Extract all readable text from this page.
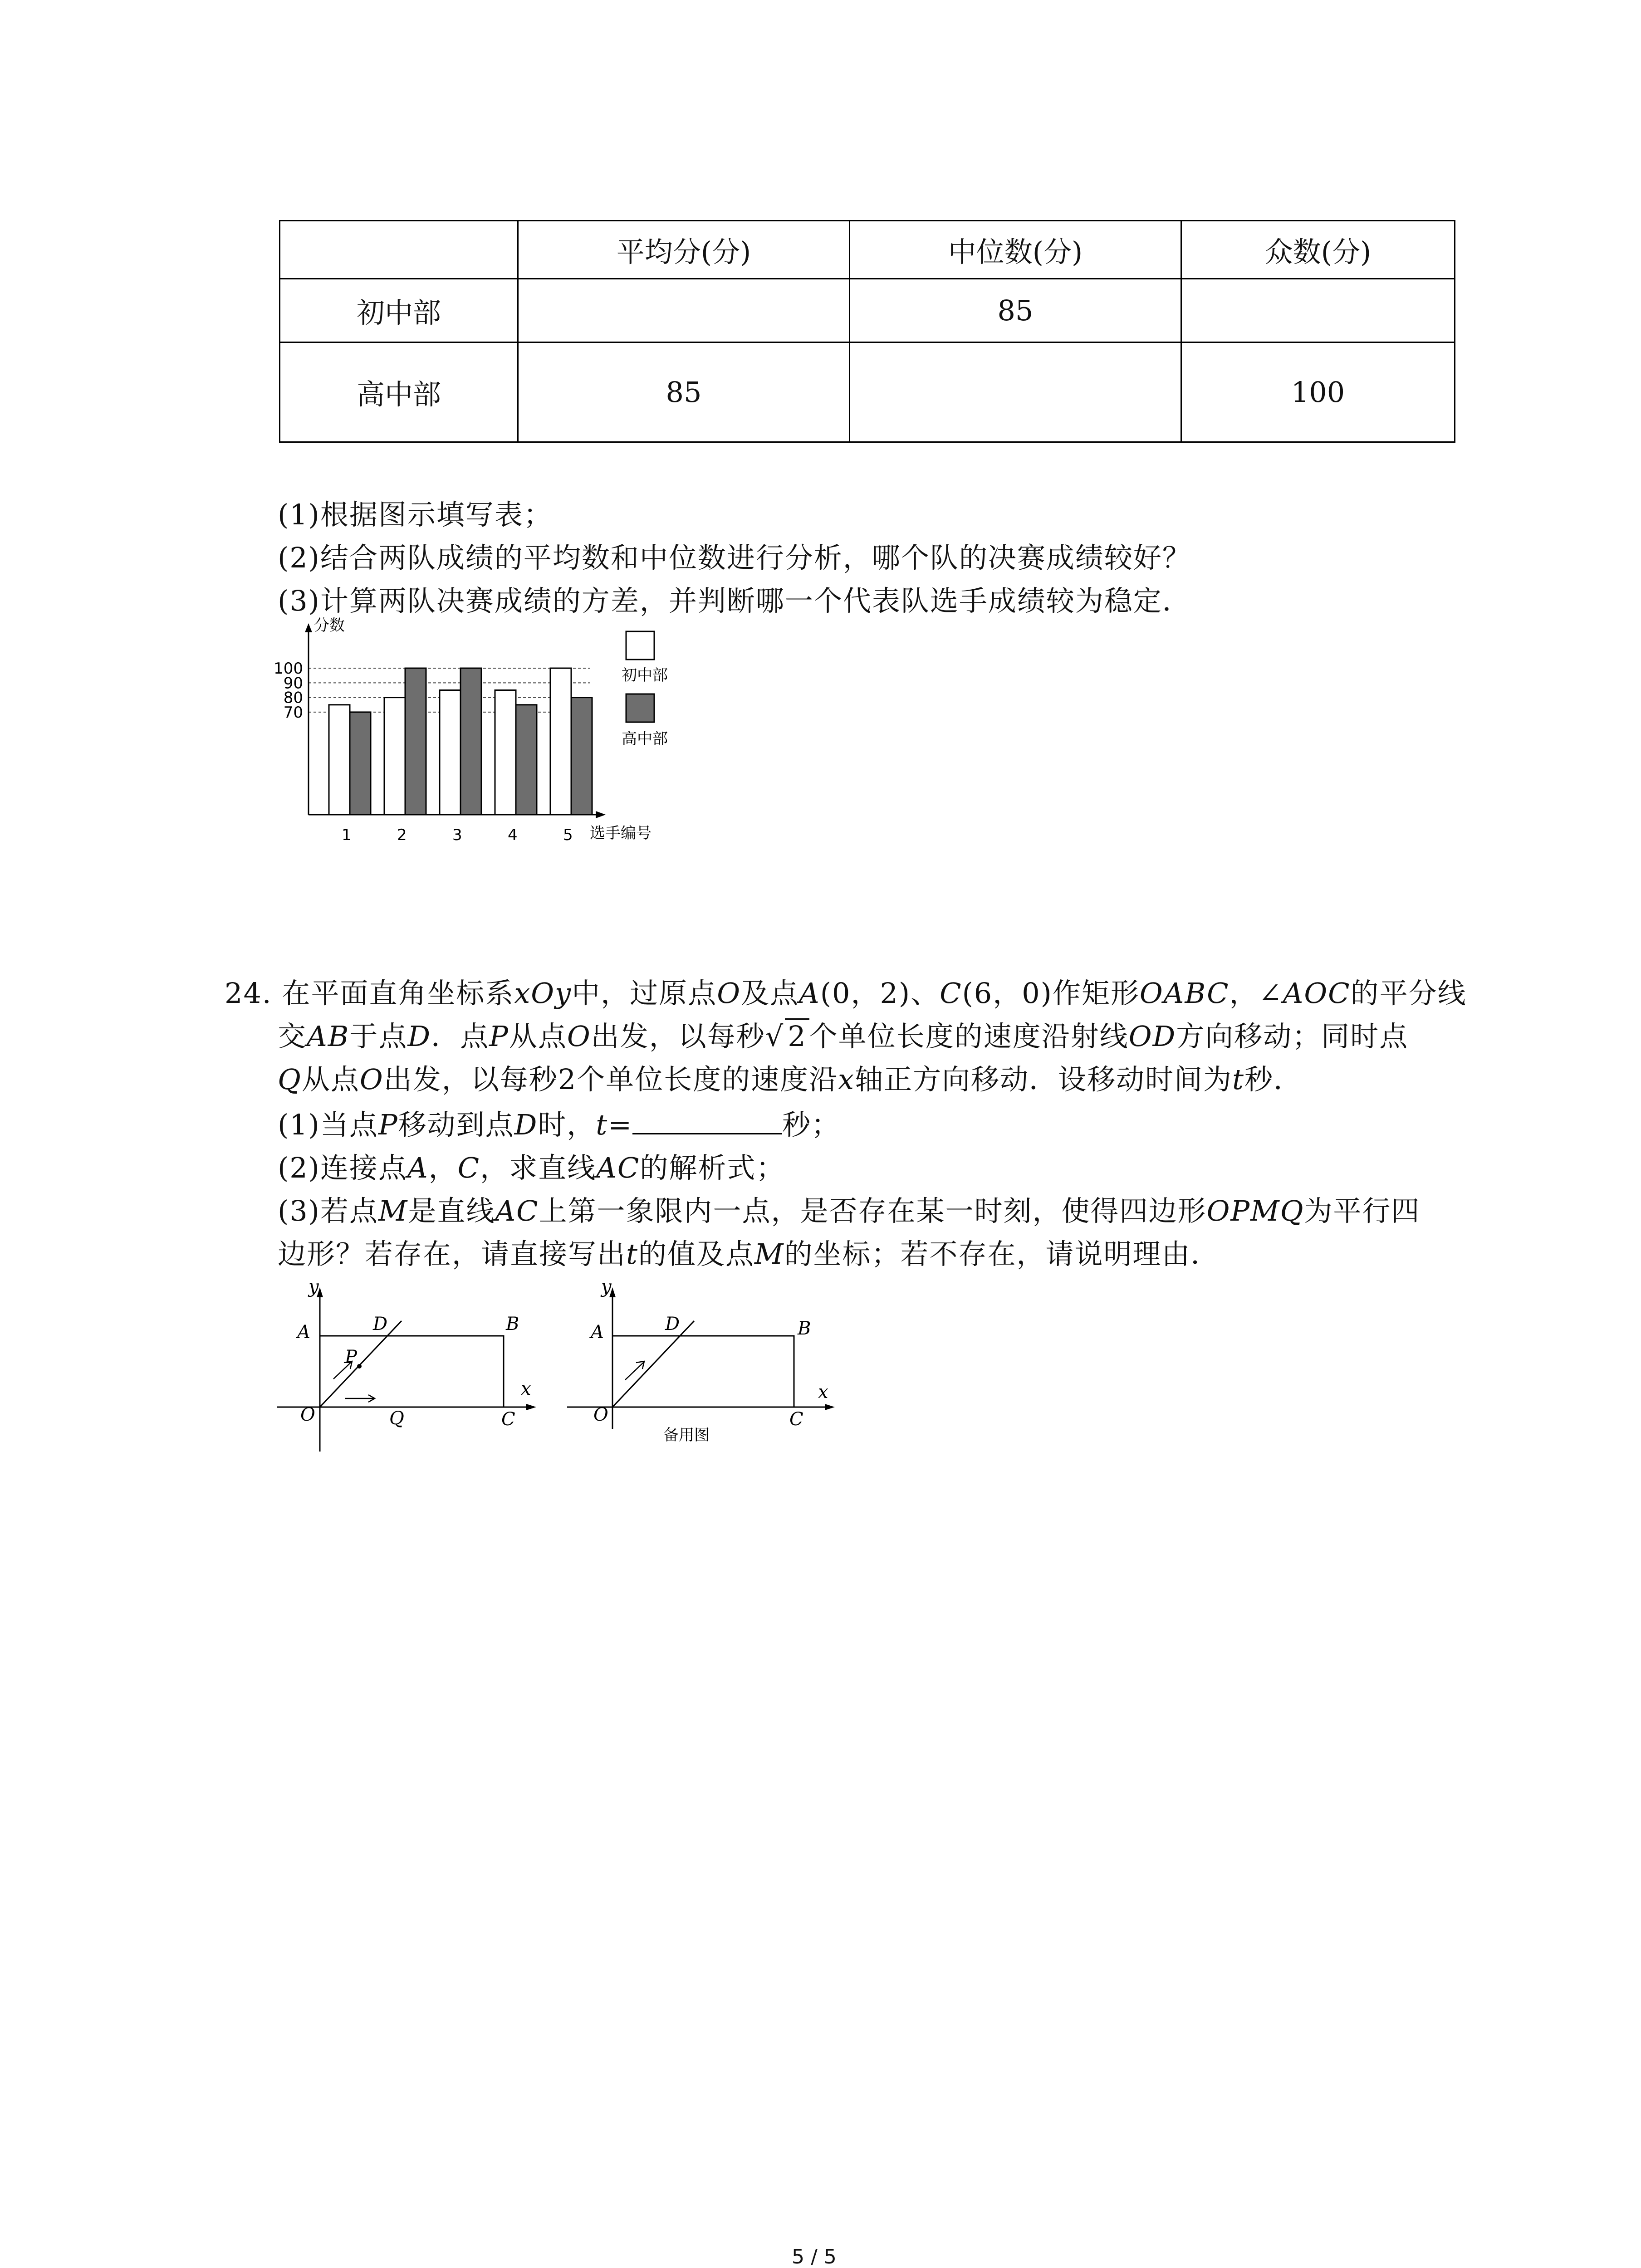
	平均分(分)	中位数(分)	众数(分)
初中部		85	
高中部	85		100
(1)根据图示填写表；
(2)结合两队成绩的平均数和中位数进行分析，哪个队的决赛成绩较好？
(3)计算两队决赛成绩的方差，并判断哪一个代表队选手成绩较为稳定．
70
80
90
100
1	2	3	4	5
分数
选手编号
初中部
高中部
24. 在平面直角坐标系xOy中，过原点O及点A(0，2)、C(6，0)作矩形OABC，∠AOC的平分线
交AB于点D．点P从点O出发，以每秒√ 2个单位长度的速度沿射线OD方向移动；同时点
Q从点O出发，以每秒2个单位长度的速度沿x轴正方向移动．设移动时间为t秒．
(1)当点P移动到点D时，t=	秒；
(2)连接点A，C，求直线AC的解析式；
(3)若点M是直线AC上第一象限内一点，是否存在某一时刻，使得四边形OPMQ为平行四
边形？若存在，请直接写出t的值及点M的坐标；若不存在，请说明理由．
y
A	D	B
P
x
O	Q	C
y
A	D	B
x
O	C
备用图
5 / 5
